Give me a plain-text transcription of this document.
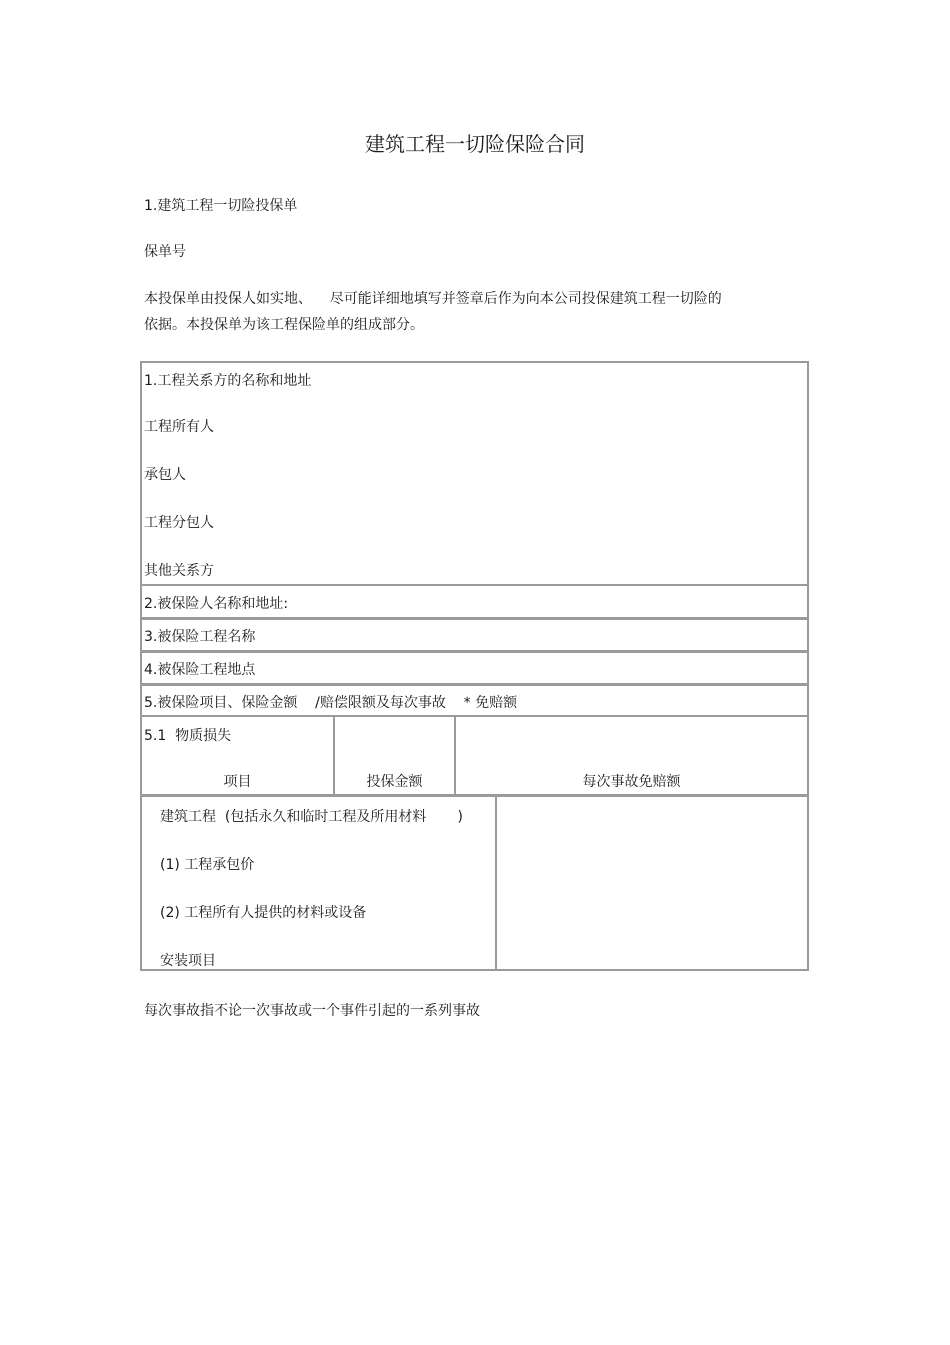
建筑工程一切险保险合同
1.建筑工程一切险投保单
保单号
本投保单由投保人如实地、    尽可能详细地填写并签章后作为向本公司投保建筑工程一切险的
依据。本投保单为该工程保险单的组成部分。
1.工程关系方的名称和地址
工程所有人
承包人
工程分包人
其他关系方
2.被保险人名称和地址:
3.被保险工程名称
4.被保险工程地点
5.被保险项目、保险金额    /赔偿限额及每次事故    * 免赔额
5.1  物质损失
项目	投保金额	每次事故免赔额
建筑工程  (包括永久和临时工程及所用材料       )
(1) 工程承包价
(2) 工程所有人提供的材料或设备
安装项目
每次事故指不论一次事故或一个事件引起的一系列事故
